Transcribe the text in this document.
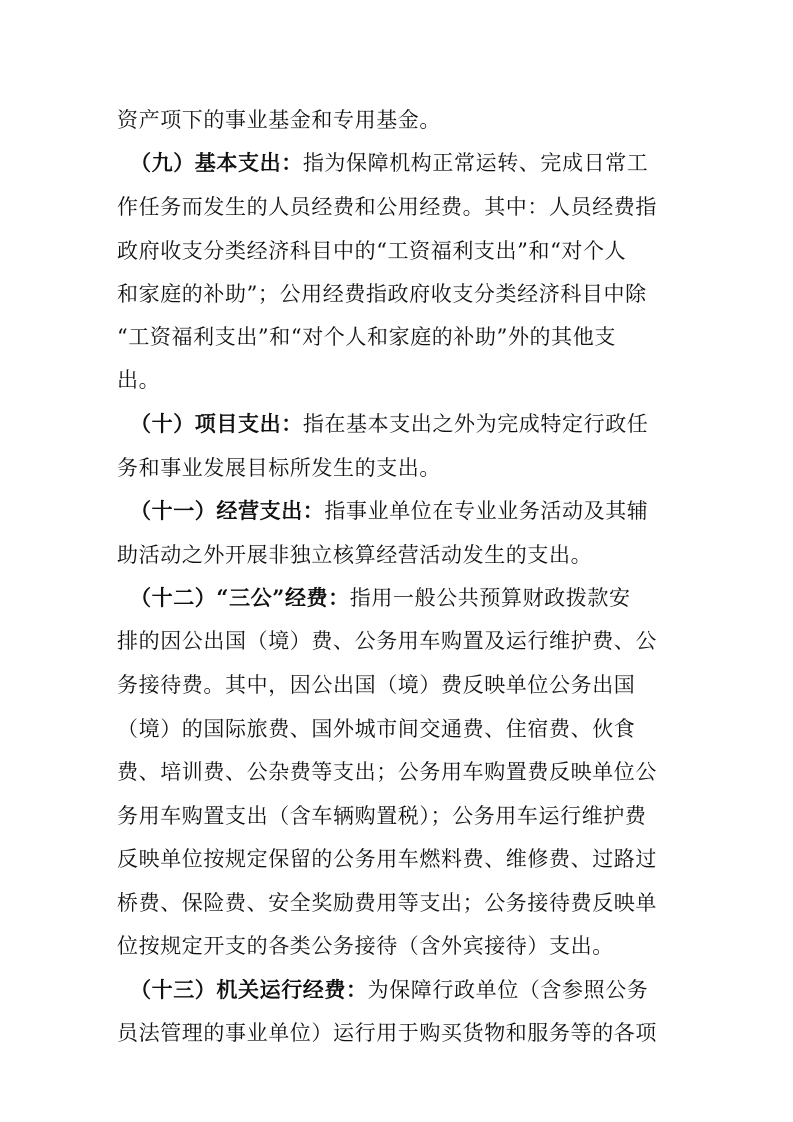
资产项下的事业基金和专用基金。
（九）基本支出：指为保障机构正常运转、完成日常工
作任务而发生的人员经费和公用经费。其中：人员经费指
政府收支分类经济科目中的“工资福利支出”和“对个人
和家庭的补助”；公用经费指政府收支分类经济科目中除
“工资福利支出”和“对个人和家庭的补助”外的其他支
出。
（十）项目支出：指在基本支出之外为完成特定行政任
务和事业发展目标所发生的支出。
（十一）经营支出：指事业单位在专业业务活动及其辅
助活动之外开展非独立核算经营活动发生的支出。
（十二）“三公”经费：指用一般公共预算财政拨款安
排的因公出国（境）费、公务用车购置及运行维护费、公
务接待费。其中，因公出国（境）费反映单位公务出国
（境）的国际旅费、国外城市间交通费、住宿费、伙食
费、培训费、公杂费等支出；公务用车购置费反映单位公
务用车购置支出（含车辆购置税）；公务用车运行维护费
反映单位按规定保留的公务用车燃料费、维修费、过路过
桥费、保险费、安全奖励费用等支出；公务接待费反映单
位按规定开支的各类公务接待（含外宾接待）支出。
（十三）机关运行经费：为保障行政单位（含参照公务
员法管理的事业单位）运行用于购买货物和服务等的各项
